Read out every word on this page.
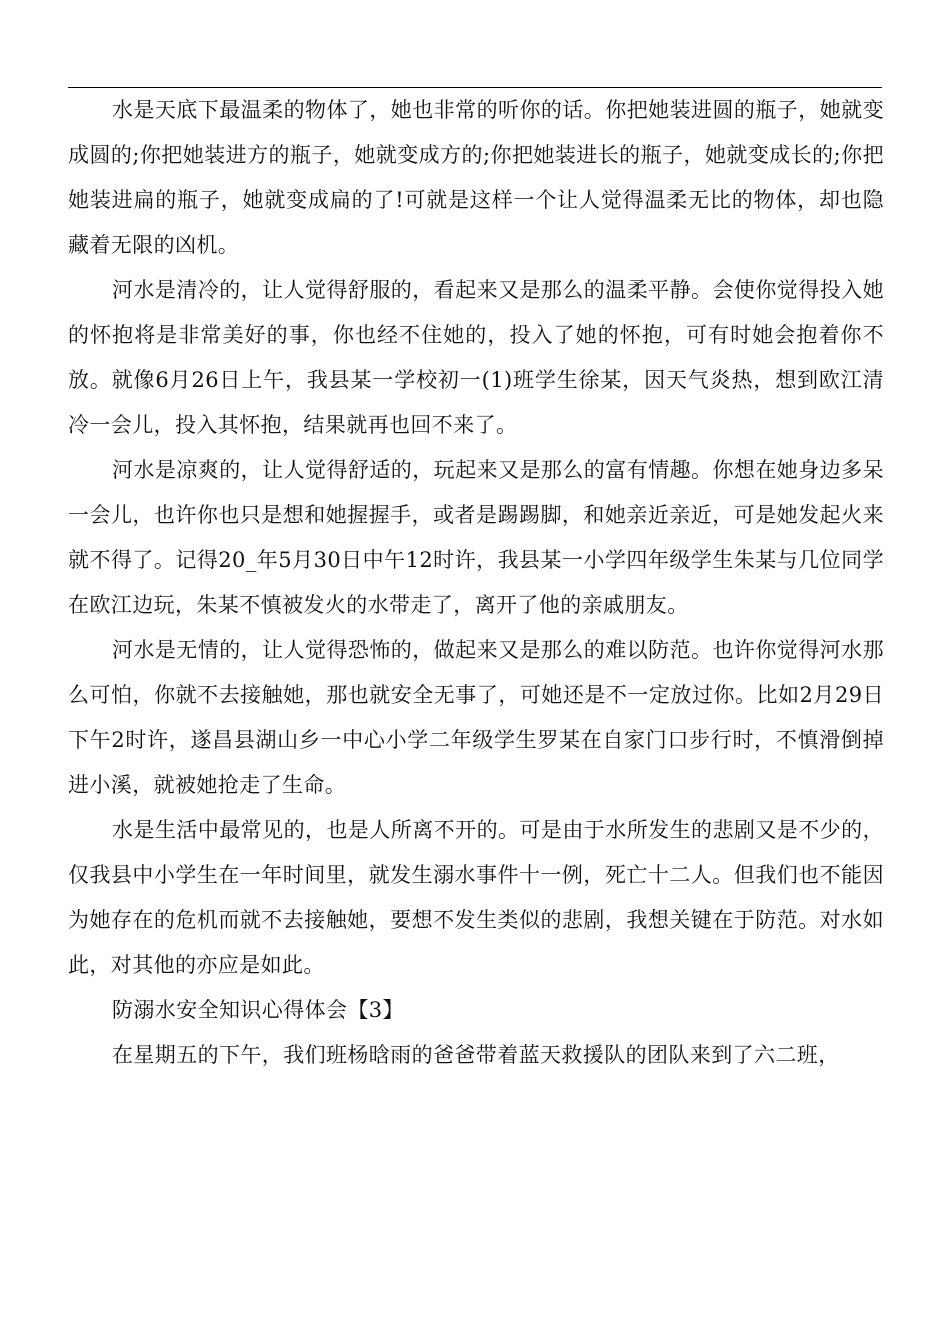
水是天底下最温柔的物体了，她也非常的听你的话。你把她装进圆的瓶子，她就变成圆的;你把她装进方的瓶子，她就变成方的;你把她装进长的瓶子，她就变成长的;你把她装进扁的瓶子，她就变成扁的了!可就是这样一个让人觉得温柔无比的物体，却也隐藏着无限的凶机。

河水是清冷的，让人觉得舒服的，看起来又是那么的温柔平静。会使你觉得投入她的怀抱将是非常美好的事，你也经不住她的，投入了她的怀抱，可有时她会抱着你不放。就像6月26日上午，我县某一学校初一(1)班学生徐某，因天气炎热，想到欧江清冷一会儿，投入其怀抱，结果就再也回不来了。

河水是凉爽的，让人觉得舒适的，玩起来又是那么的富有情趣。你想在她身边多呆一会儿，也许你也只是想和她握握手，或者是踢踢脚，和她亲近亲近，可是她发起火来就不得了。记得20_年5月30日中午12时许，我县某一小学四年级学生朱某与几位同学在欧江边玩，朱某不慎被发火的水带走了，离开了他的亲戚朋友。

河水是无情的，让人觉得恐怖的，做起来又是那么的难以防范。也许你觉得河水那么可怕，你就不去接触她，那也就安全无事了，可她还是不一定放过你。比如2月29日下午2时许，遂昌县湖山乡一中心小学二年级学生罗某在自家门口步行时，不慎滑倒掉进小溪，就被她抢走了生命。

水是生活中最常见的，也是人所离不开的。可是由于水所发生的悲剧又是不少的，仅我县中小学生在一年时间里，就发生溺水事件十一例，死亡十二人。但我们也不能因为她存在的危机而就不去接触她，要想不发生类似的悲剧，我想关键在于防范。对水如此，对其他的亦应是如此。

防溺水安全知识心得体会【3】

在星期五的下午，我们班杨晗雨的爸爸带着蓝天救援队的团队来到了六二班，
